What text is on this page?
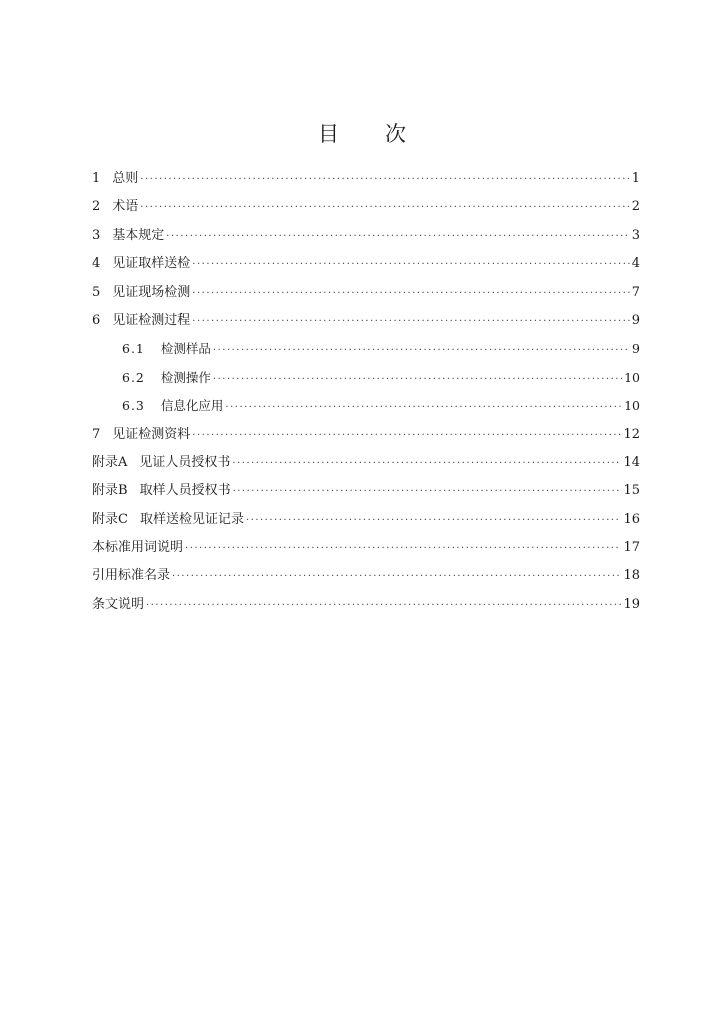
目 次
1 总则 ·····	1
2 术语 ·····	2
3 基本规定 ·····	3
4 见证取样送检 ·····	4
5 见证现场检测 ·····	7
6 见证检测过程 ·····	9
6.1 检测样品 ·····	9
6.2 检测操作 ·····	10
6.3 信息化应用 ·····	10
7 见证检测资料 ·····	12
附录A 见证人员授权书 ·····	14
附录B 取样人员授权书 ·····	15
附录C 取样送检见证记录 ·····	16
本标准用词说明 ·····	17
引用标准名录 ·····	18
条文说明 ·····	19
